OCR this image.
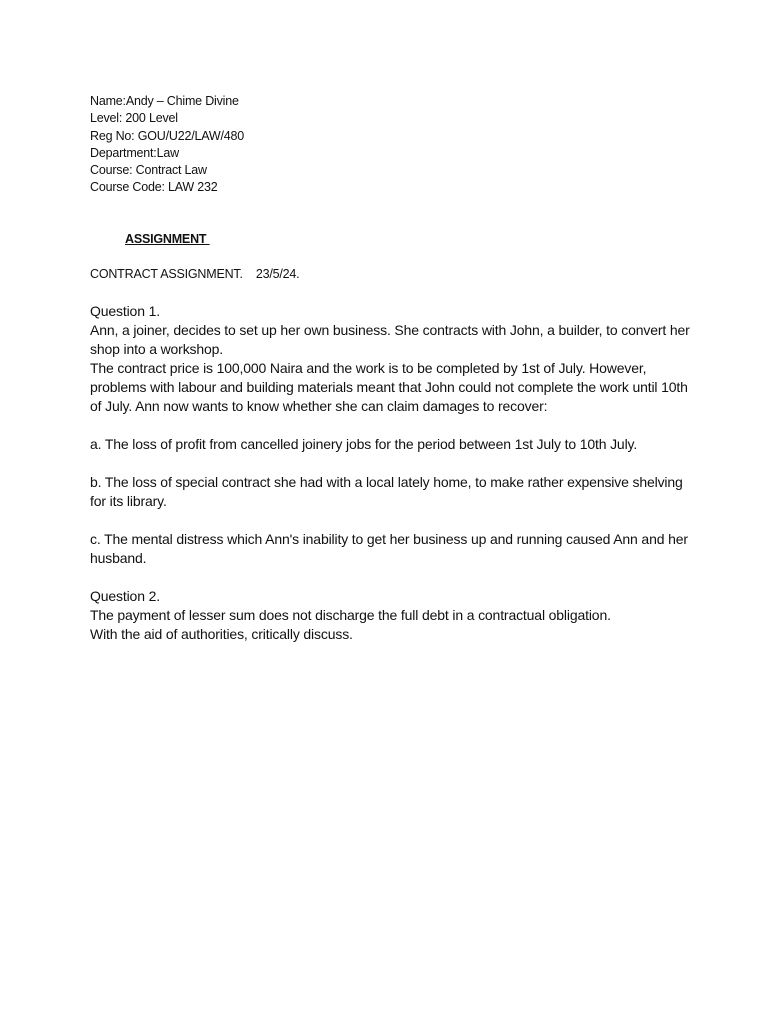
Name:Andy – Chime Divine
Level: 200 Level
Reg No: GOU/U22/LAW/480
Department:Law
Course: Contract Law
Course Code: LAW 232
ASSIGNMENT
CONTRACT ASSIGNMENT.    23/5/24.

Question 1.

Ann, a joiner, decides to set up her own business. She contracts with John, a builder, to convert her shop into a workshop.

The contract price is 100,000 Naira and the work is to be completed by 1st of July. However, problems with labour and building materials meant that John could not complete the work until 10th of July. Ann now wants to know whether she can claim damages to recover:

a. The loss of profit from cancelled joinery jobs for the period between 1st July to 10th July.

b. The loss of special contract she had with a local lately home, to make rather expensive shelving for its library.

c. The mental distress which Ann's inability to get her business up and running caused Ann and her husband.

Question 2.

The payment of lesser sum does not discharge the full debt in a contractual obligation.

With the aid of authorities, critically discuss.
